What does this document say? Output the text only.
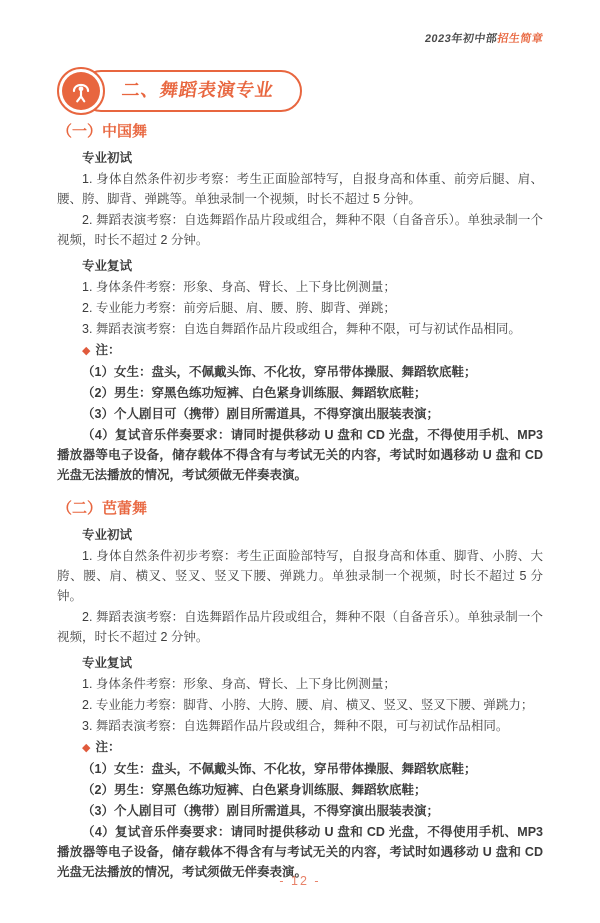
2023年初中部招生简章
二、舞蹈表演专业
（一）中国舞
专业初试

1. 身体自然条件初步考察：考生正面脸部特写，自报身高和体重、前旁后腿、肩、腰、胯、脚背、弹跳等。单独录制一个视频，时长不超过 5 分钟。

2. 舞蹈表演考察：自选舞蹈作品片段或组合，舞种不限（自备音乐）。单独录制一个视频，时长不超过 2 分钟。

专业复试

1. 身体条件考察：形象、身高、臂长、上下身比例测量；

2. 专业能力考察：前旁后腿、肩、腰、胯、脚背、弹跳；

3. 舞蹈表演考察：自选自舞蹈作品片段或组合，舞种不限，可与初试作品相同。

◆ 注：

（1）女生：盘头，不佩戴头饰、不化妆，穿吊带体操服、舞蹈软底鞋；

（2）男生：穿黑色练功短裤、白色紧身训练服、舞蹈软底鞋；

（3）个人剧目可（携带）剧目所需道具，不得穿演出服装表演；

（4）复试音乐伴奏要求：请同时提供移动 U 盘和 CD 光盘，不得使用手机、MP3 播放器等电子设备，储存载体不得含有与考试无关的内容，考试时如遇移动 U 盘和 CD 光盘无法播放的情况，考试须做无伴奏表演。

（二）芭蕾舞
专业初试

1. 身体自然条件初步考察：考生正面脸部特写，自报身高和体重、脚背、小胯、大胯、腰、肩、横叉、竖叉、竖叉下腰、弹跳力。单独录制一个视频，时长不超过 5 分钟。

2. 舞蹈表演考察：自选舞蹈作品片段或组合，舞种不限（自备音乐）。单独录制一个视频，时长不超过 2 分钟。

专业复试

1. 身体条件考察：形象、身高、臂长、上下身比例测量；

2. 专业能力考察：脚背、小胯、大胯、腰、肩、横叉、竖叉、竖叉下腰、弹跳力；

3. 舞蹈表演考察：自选舞蹈作品片段或组合，舞种不限，可与初试作品相同。

◆ 注：

（1）女生：盘头，不佩戴头饰、不化妆，穿吊带体操服、舞蹈软底鞋；

（2）男生：穿黑色练功短裤、白色紧身训练服、舞蹈软底鞋；

（3）个人剧目可（携带）剧目所需道具，不得穿演出服装表演；

（4）复试音乐伴奏要求：请同时提供移动 U 盘和 CD 光盘，不得使用手机、MP3 播放器等电子设备，储存载体不得含有与考试无关的内容，考试时如遇移动 U 盘和 CD 光盘无法播放的情况，考试须做无伴奏表演。

- 12 -
